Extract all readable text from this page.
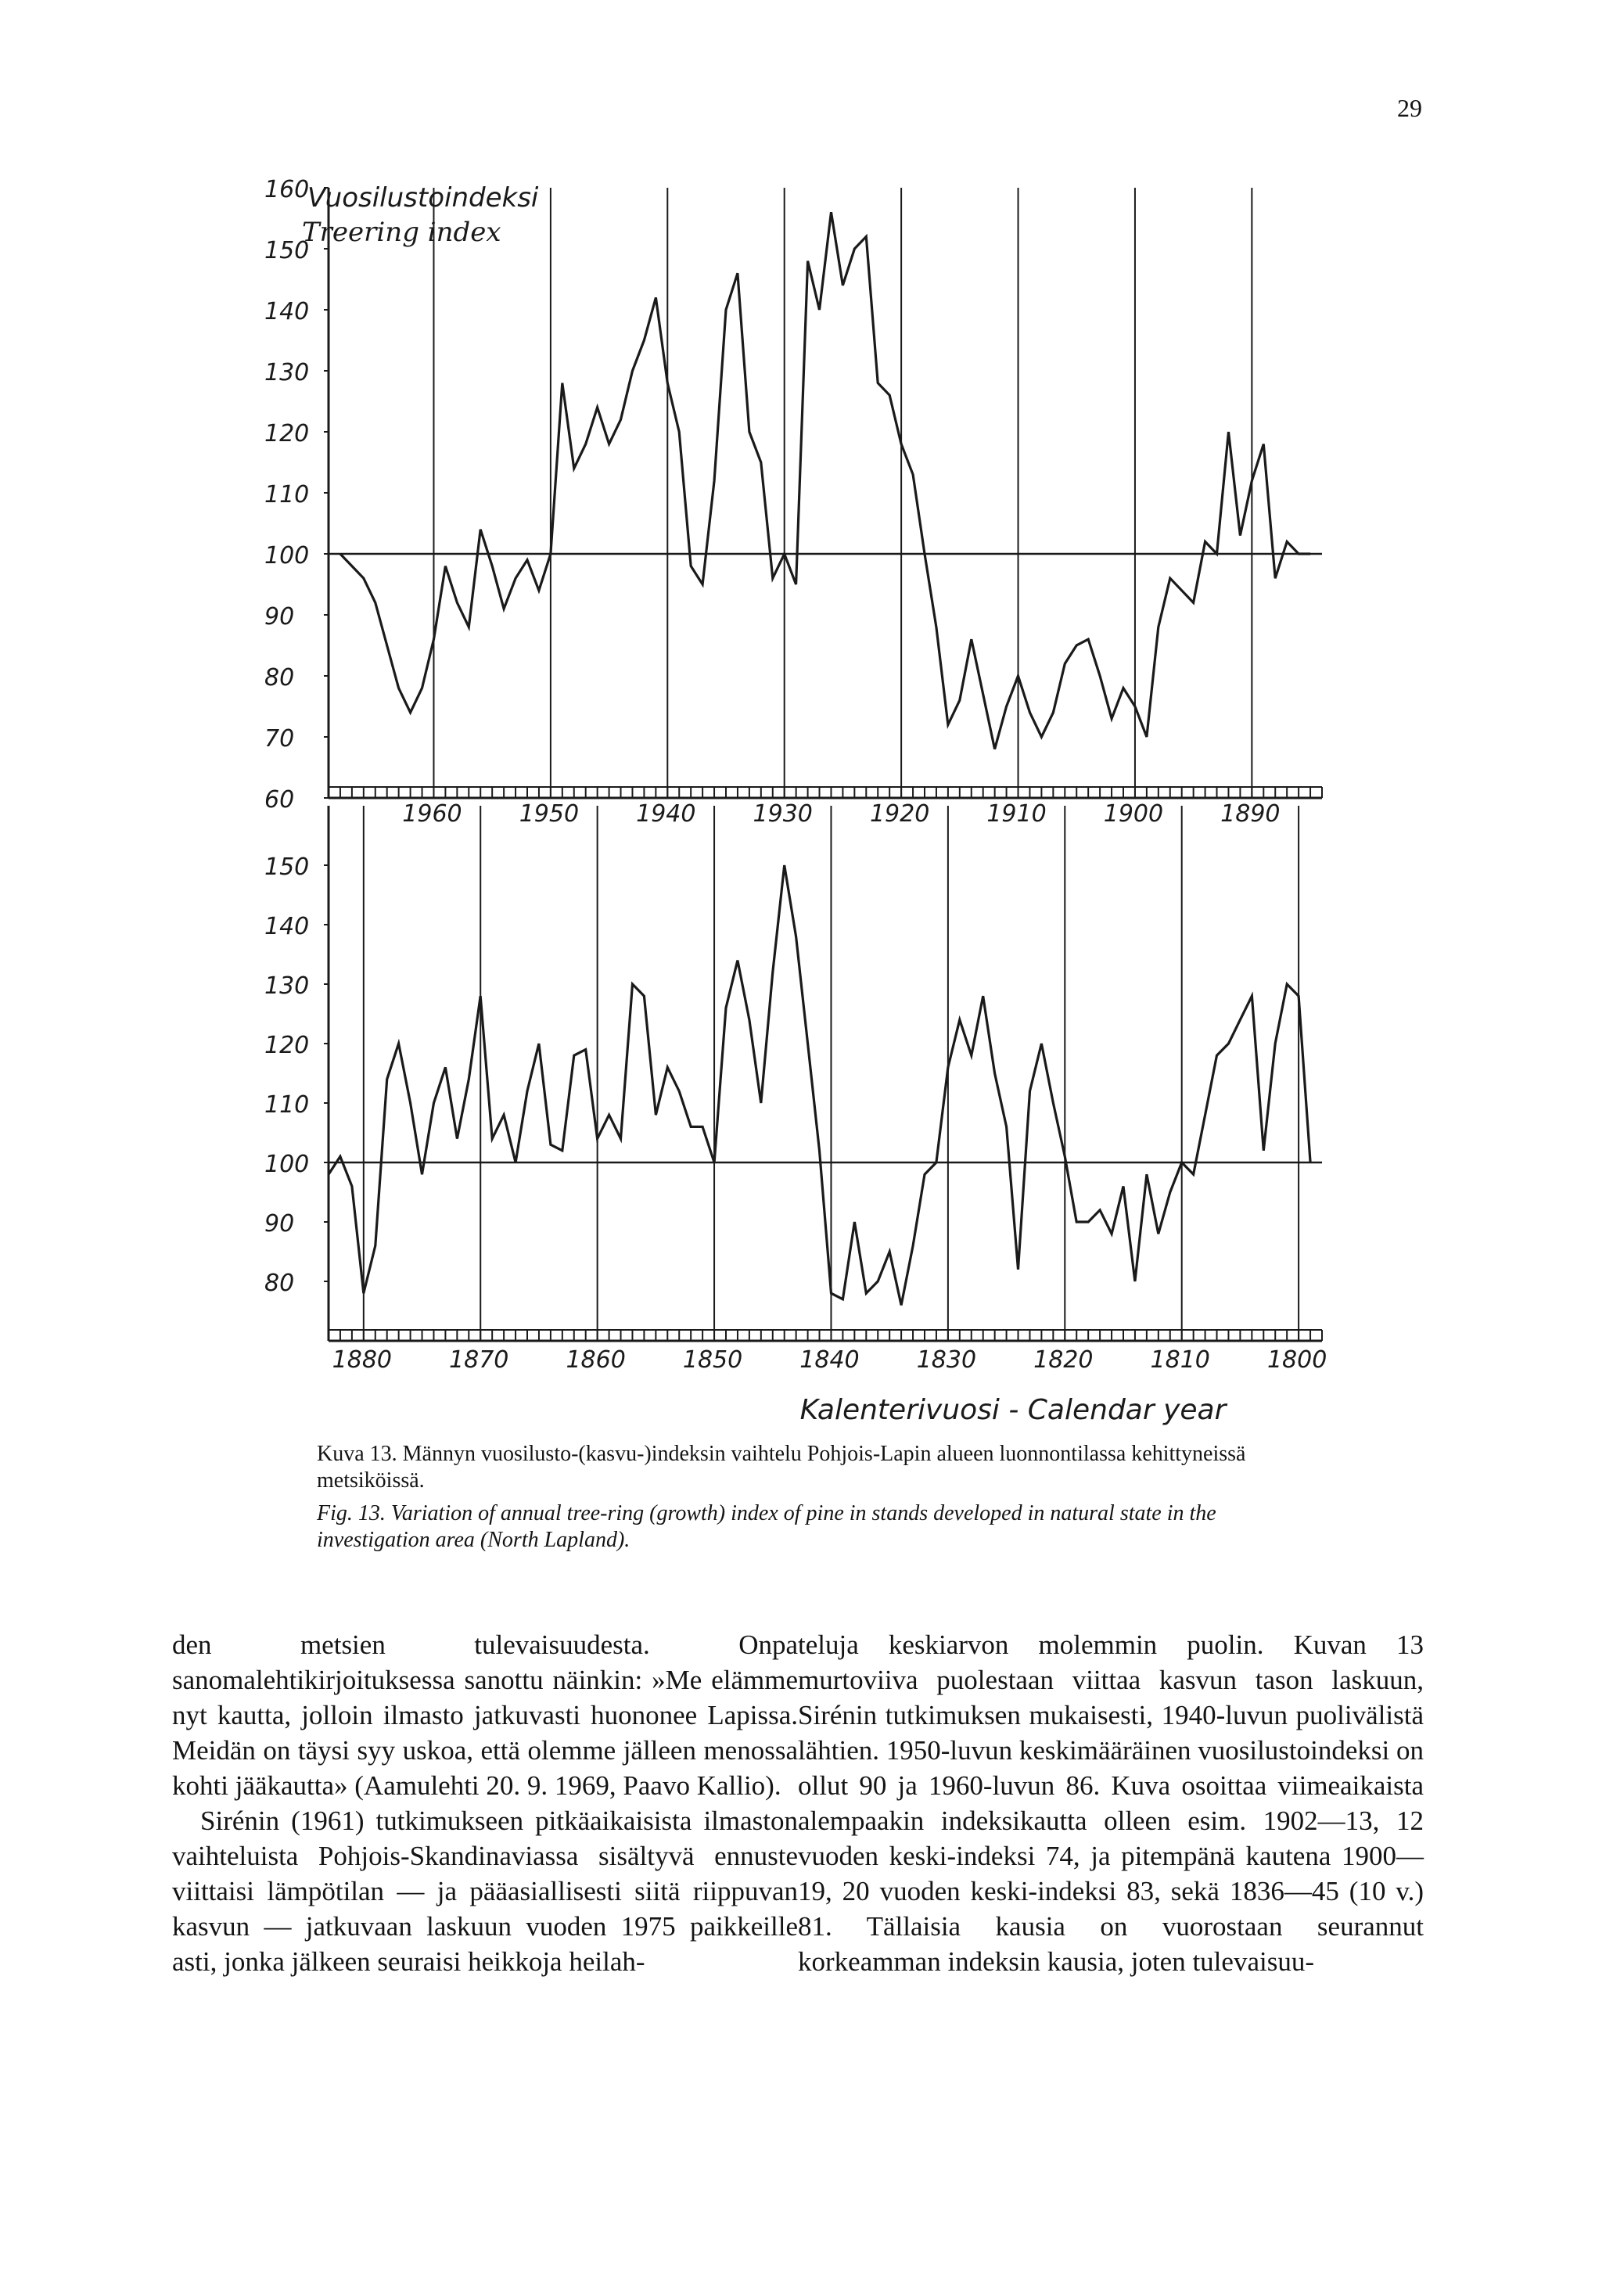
29
60
70
80
90
100
110
120
130
140
150
160
1960 1950 1940 1930 1920 1910 1900 1890
80
90
100
110
120
130
140
150
1880 1870 1860 1850 1840 1830 1820 1810 1800
Vuosilustoindeksi
Treering index
Kalenterivuosi - Calendar year
Kuva 13. Männyn vuosilusto-(kasvu-)indeksin vaihtelu Pohjois-Lapin alueen luonnontilassa kehittyneissä metsiköissä.
Fig. 13. Variation of annual tree-ring (growth) index of pine in stands developed in natural state in the investigation area (North Lapland).

den metsien tulevaisuudesta. Onpa sanomalehtikirjoituksessa sanottu näinkin: »Me elämme nyt kautta, jolloin ilmasto jatkuvasti huononee Lapissa. Meidän on täysi syy uskoa, että olemme jälleen menossa kohti jääkautta» (Aamulehti 20. 9. 1969, Paavo Kallio).

Sirénin (1961) tutkimukseen pitkäaikaisista ilmaston vaihteluista Pohjois-Skandinaviassa sisältyvä ennuste viittaisi lämpötilan — ja pääasiallisesti siitä riippuvan kasvun — jatkuvaan laskuun vuoden 1975 paikkeille asti, jonka jälkeen seuraisi heikkoja heilah-

teluja keskiarvon molemmin puolin. Kuvan 13 murtoviiva puolestaan viittaa kasvun tason laskuun, Sirénin tutkimuksen mukaisesti, 1940-luvun puolivälistä lähtien. 1950-luvun keskimääräinen vuosilustoindeksi on ollut 90 ja 1960-luvun 86. Kuva osoittaa viimeaikaista alempaakin indeksikautta olleen esim. 1902—13, 12 vuoden keski-indeksi 74, ja pitempänä kautena 1900—19, 20 vuoden keski-indeksi 83, sekä 1836—45 (10 v.) 81. Tällaisia kausia on vuorostaan seurannut korkeamman indeksin kausia, joten tulevaisuu-
